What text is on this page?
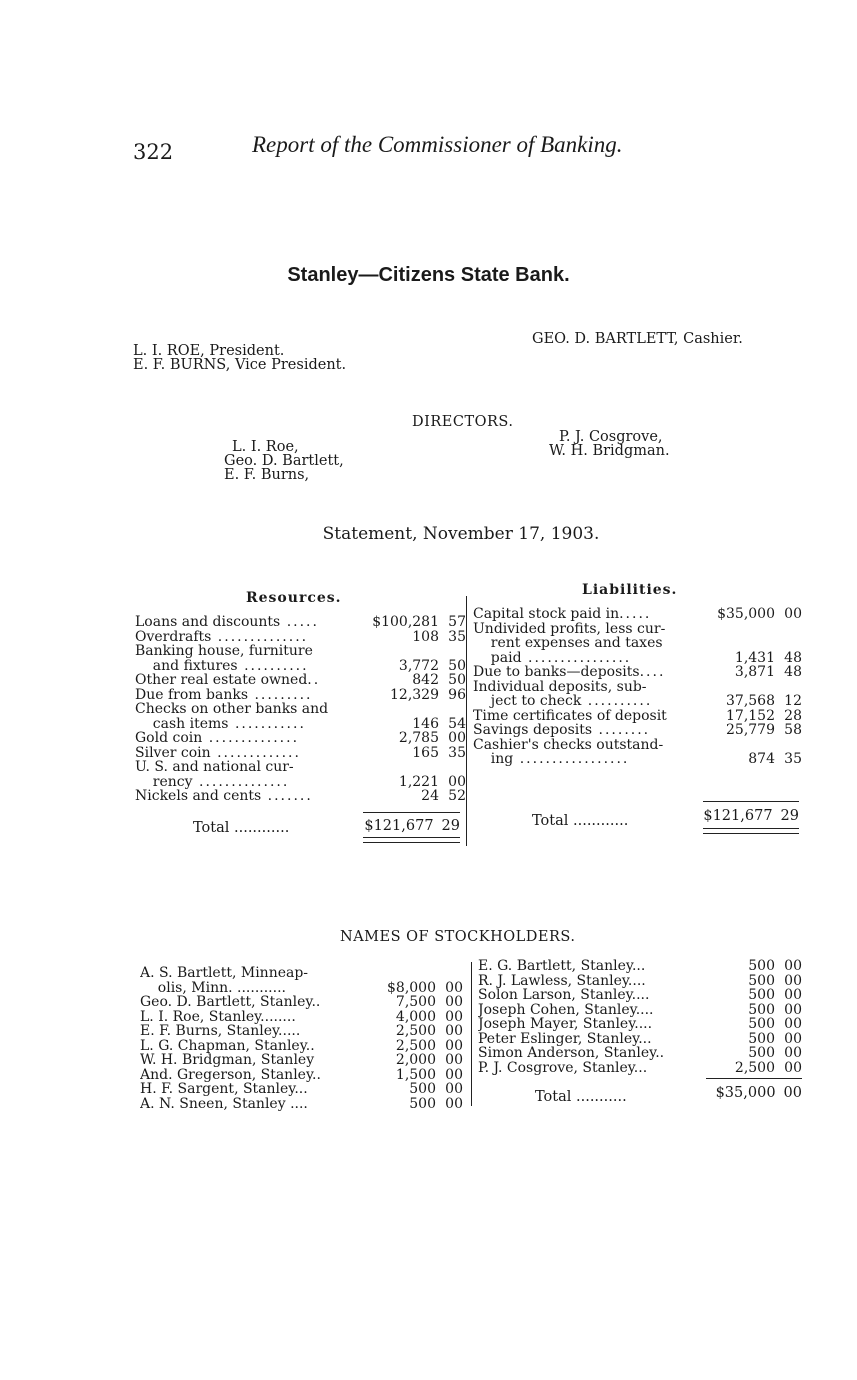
322	Report of the Commissioner of Banking.
Stanley—Citizens State Bank.
L. I. ROE, President.
E. F. BURNS, Vice President.
GEO. D. BARTLETT, Cashier.
DIRECTORS.
L. I. Roe,
Geo. D. Bartlett,
E. F. Burns,
P. J. Cosgrove,
W. H. Bridgman.
Statement, November 17, 1903.
Resources.	Liabilities.
Loans and discounts .....	$100,281	57
Overdrafts ..............	108	35
Banking house, furniture		
and fixtures ..........	3,772	50
Other real estate owned..	842	50
Due from banks .........	12,329	96
Checks on other banks and		
cash items ...........	146	54
Gold coin ..............	2,785	00
Silver coin .............	165	35
U. S. and national cur-		
rency ..............	1,221	00
Nickels and cents .......	24	52
Total ............	$121,677 29
Capital stock paid in.....	$35,000	00
Undivided profits, less cur-		
rent expenses and taxes		
paid ................	1,431	48
Due to banks—deposits....	3,871	48
Individual deposits, sub-		
ject to check ..........	37,568	12
Time certificates of deposit	17,152	28
Savings deposits ........	25,779	58
Cashier's checks outstand-		
ing .................	874	35
Total ............	$121,677 29
NAMES OF STOCKHOLDERS.
A. S. Bartlett, Minneap-		
olis, Minn. ...........	$8,000	00
Geo. D. Bartlett, Stanley..	7,500	00
L. I. Roe, Stanley........	4,000	00
E. F. Burns, Stanley.....	2,500	00
L. G. Chapman, Stanley..	2,500	00
W. H. Bridgman, Stanley	2,000	00
And. Gregerson, Stanley..	1,500	00
H. F. Sargent, Stanley...	500	00
A. N. Sneen, Stanley ....	500	00
E. G. Bartlett, Stanley...	500	00
R. J. Lawless, Stanley....	500	00
Solon Larson, Stanley....	500	00
Joseph Cohen, Stanley....	500	00
Joseph Mayer, Stanley....	500	00
Peter Eslinger, Stanley...	500	00
Simon Anderson, Stanley..	500	00
P. J. Cosgrove, Stanley...	2,500	00
Total ...........	$35,000 00
